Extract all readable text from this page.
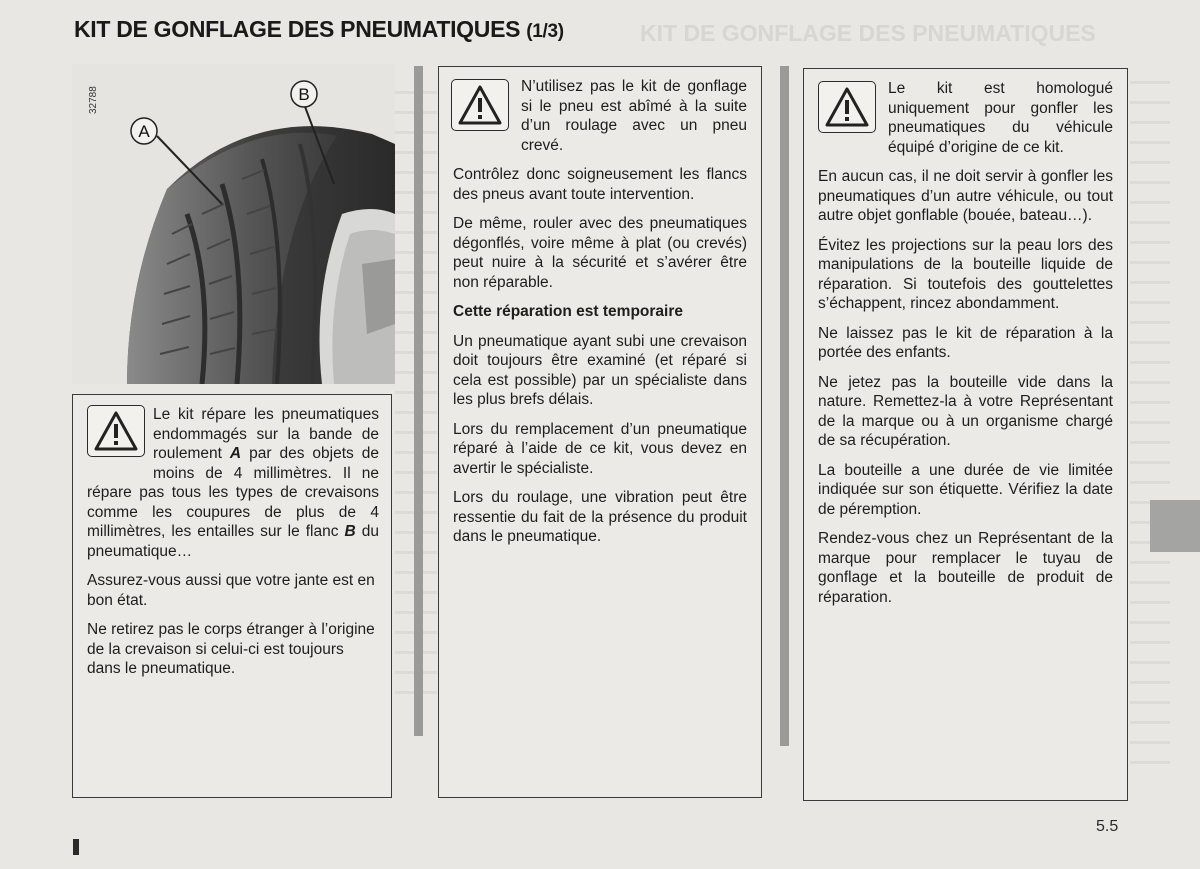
KIT DE GONFLAGE DES PNEUMATIQUES
KIT DE GONFLAGE DES PNEUMATIQUES (1/3)
A
B
32788

Le kit répare les pneumatiques endommagés sur la bande de roulement A par des objets de moins de 4 millimètres. Il ne répare pas tous les types de crevaisons comme les coupures de plus de 4 millimètres, les entailles sur le flanc B du pneumatique…

Assurez-vous aussi que votre jante est en bon état.

Ne retirez pas le corps étranger à l’origine de la crevaison si celui-ci est toujours dans le pneumatique.

N’utilisez pas le kit de gonflage si le pneu est abîmé à la suite d’un roulage avec un pneu crevé.

Contrôlez donc soigneusement les flancs des pneus avant toute intervention.

De même, rouler avec des pneumatiques dégonflés, voire même à plat (ou crevés) peut nuire à la sécurité et s’avérer être non réparable.

Cette réparation est temporaire

Un pneumatique ayant subi une crevaison doit toujours être examiné (et réparé si cela est possible) par un spécialiste dans les plus brefs délais.

Lors du remplacement d’un pneumatique réparé à l’aide de ce kit, vous devez en avertir le spécialiste.

Lors du roulage, une vibration peut être ressentie du fait de la présence du produit dans le pneumatique.

Le kit est homologué uniquement pour gonfler les pneumatiques du véhicule équipé d’origine de ce kit.

En aucun cas, il ne doit servir à gonfler les pneumatiques d’un autre véhicule, ou tout autre objet gonflable (bouée, bateau…).

Évitez les projections sur la peau lors des manipulations de la bouteille liquide de réparation. Si toutefois des gouttelettes s’échappent, rincez abondamment.

Ne laissez pas le kit de réparation à la portée des enfants.

Ne jetez pas la bouteille vide dans la nature. Remettez-la à votre Représentant de la marque ou à un organisme chargé de sa récupération.

La bouteille a une durée de vie limitée indiquée sur son étiquette. Vérifiez la date de péremption.

Rendez-vous chez un Représentant de la marque pour remplacer le tuyau de gonflage et la bouteille de produit de réparation.

5.5
